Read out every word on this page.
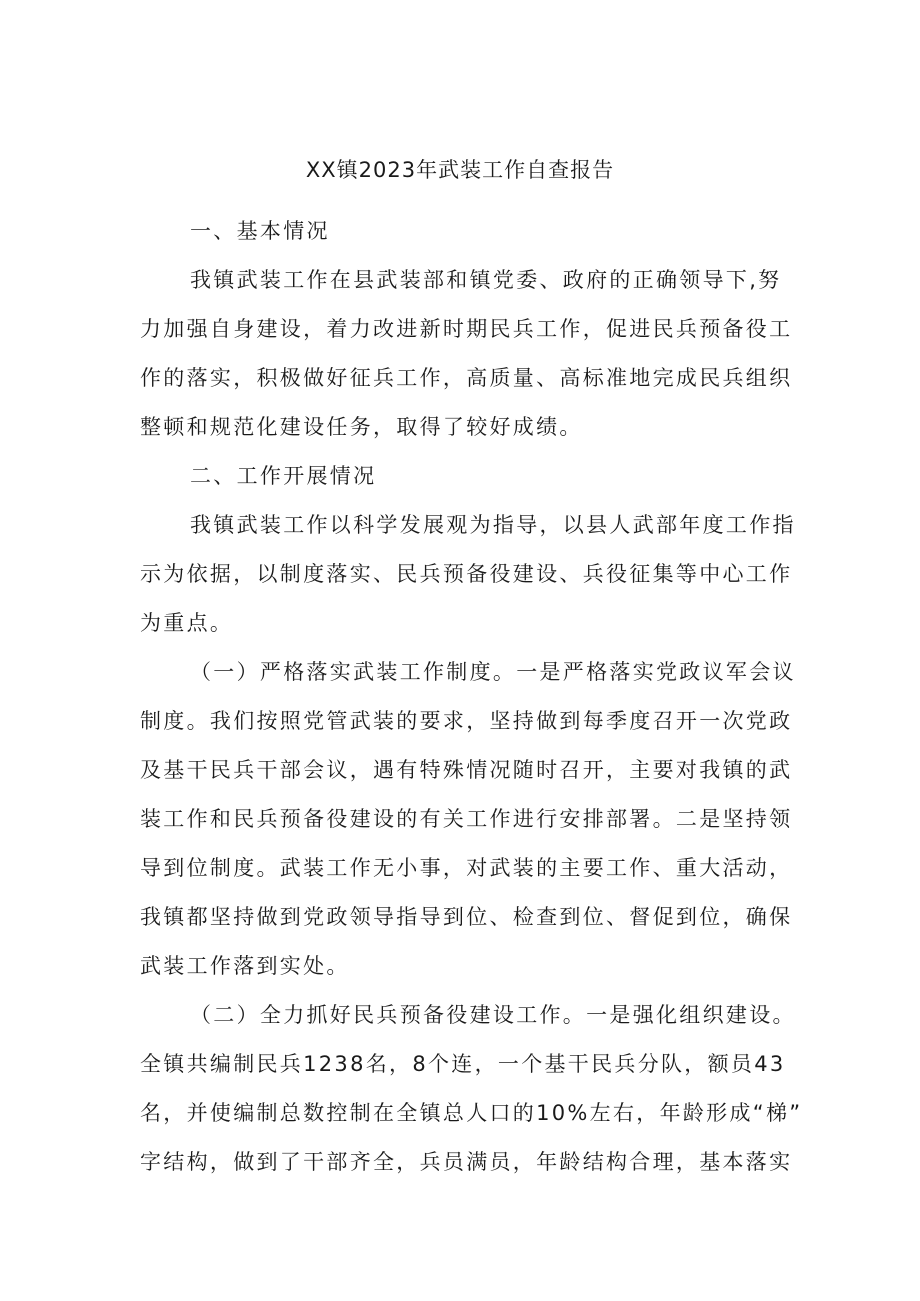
XX镇2023年武装工作自查报告
一、基本情况
我镇武装工作在县武装部和镇党委、政府的正确领导下,努
力加强自身建设，着力改进新时期民兵工作，促进民兵预备役工
作的落实，积极做好征兵工作，高质量、高标准地完成民兵组织
整顿和规范化建设任务，取得了较好成绩。
二、工作开展情况
我镇武装工作以科学发展观为指导，以县人武部年度工作指
示为依据，以制度落实、民兵预备役建设、兵役征集等中心工作
为重点。
（一）严格落实武装工作制度。一是严格落实党政议军会议
制度。我们按照党管武装的要求，坚持做到每季度召开一次党政
及基干民兵干部会议，遇有特殊情况随时召开，主要对我镇的武
装工作和民兵预备役建设的有关工作进行安排部署。二是坚持领
导到位制度。武装工作无小事，对武装的主要工作、重大活动，
我镇都坚持做到党政领导指导到位、检查到位、督促到位，确保
武装工作落到实处。
（二）全力抓好民兵预备役建设工作。一是强化组织建设。
全镇共编制民兵1238名，8个连，一个基干民兵分队，额员43
名，并使编制总数控制在全镇总人口的10%左右，年龄形成“梯”
字结构，做到了干部齐全，兵员满员，年龄结构合理，基本落实
